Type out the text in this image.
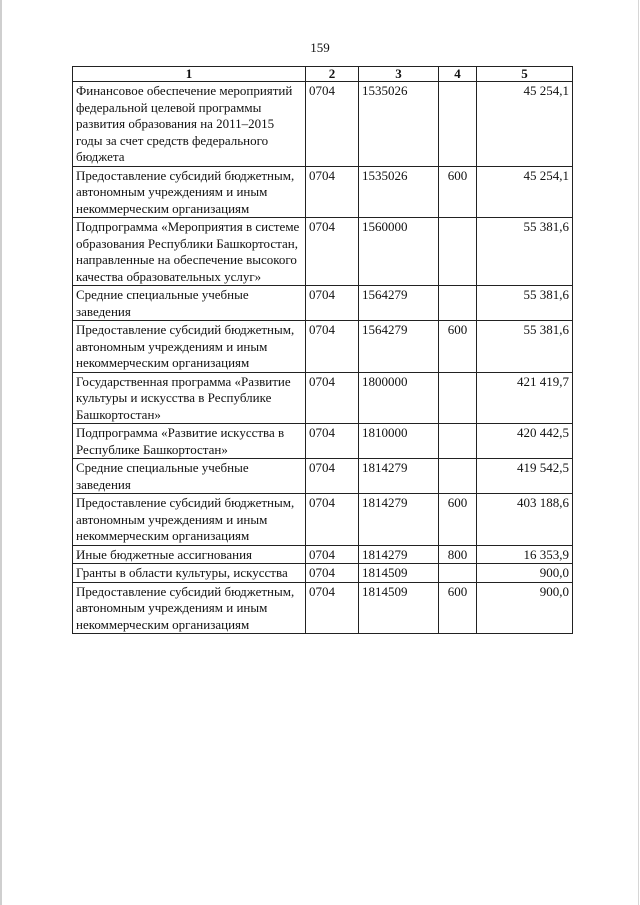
159
1	2	3	4	5
Финансовое обеспечение мероприятий федеральной целевой программы развития образования на 2011–2015 годы за счет средств федерального бюджета	0704	1535026		45 254,1
Предоставление субсидий бюджетным, автономным учреждениям и иным некоммерческим организациям	0704	1535026	600	45 254,1
Подпрограмма «Мероприятия в системе образования Республики Башкортостан, направленные на обеспечение высокого качества образовательных услуг»	0704	1560000		55 381,6
Средние специальные учебные заведения	0704	1564279		55 381,6
Предоставление субсидий бюджетным, автономным учреждениям и иным некоммерческим организациям	0704	1564279	600	55 381,6
Государственная программа «Развитие культуры и искусства в Республике Башкортостан»	0704	1800000		421 419,7
Подпрограмма «Развитие искусства в Республике Башкортостан»	0704	1810000		420 442,5
Средние специальные учебные заведения	0704	1814279		419 542,5
Предоставление субсидий бюджетным, автономным учреждениям и иным некоммерческим организациям	0704	1814279	600	403 188,6
Иные бюджетные ассигнования	0704	1814279	800	16 353,9
Гранты в области культуры, искусства	0704	1814509		900,0
Предоставление субсидий бюджетным, автономным учреждениям и иным некоммерческим организациям	0704	1814509	600	900,0
